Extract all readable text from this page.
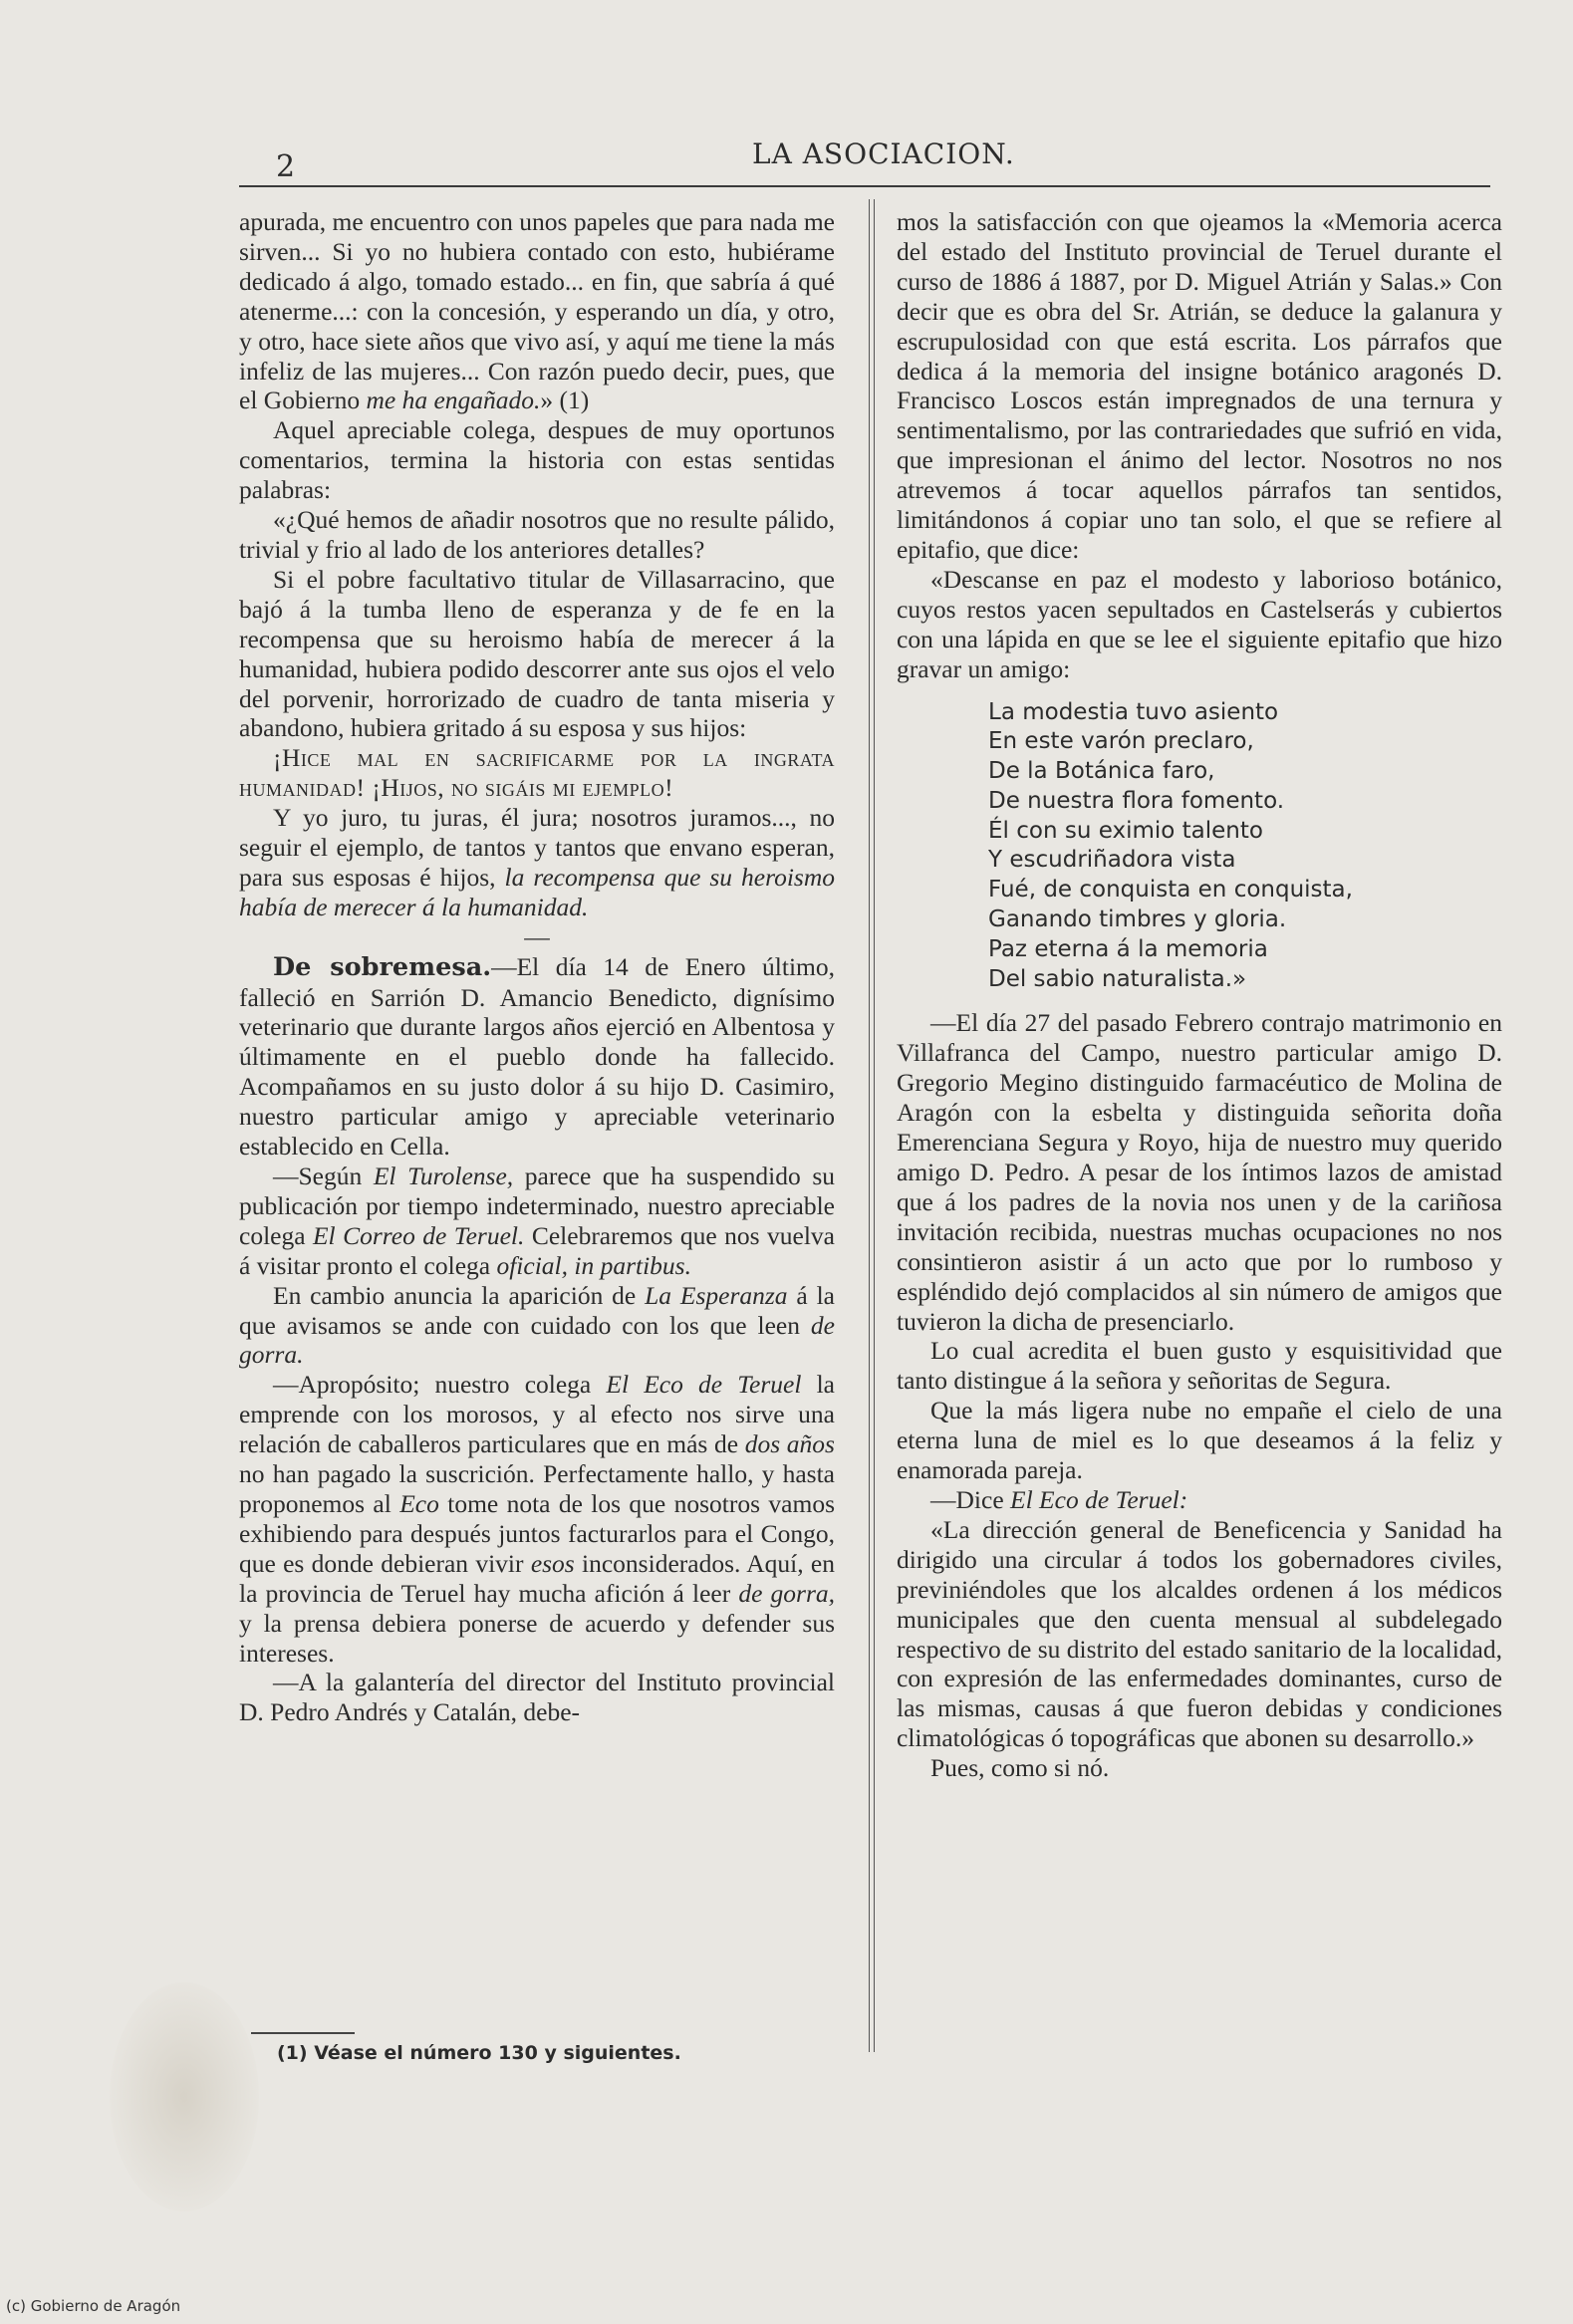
2	LA ASOCIACION.

apurada, me encuentro con unos papeles que para nada me sirven... Si yo no hubiera contado con esto, hubiérame dedicado á algo, tomado estado... en fin, que sabría á qué atenerme...: con la concesión, y esperando un día, y otro, y otro, hace siete años que vivo así, y aquí me tiene la más infeliz de las mujeres... Con razón puedo decir, pues, que el Gobierno me ha engañado.» (1)

Aquel apreciable colega, despues de muy oportunos comentarios, termina la historia con estas sentidas palabras:

«¿Qué hemos de añadir nosotros que no resulte pálido, trivial y frio al lado de los anteriores detalles?

Si el pobre facultativo titular de Villasarracino, que bajó á la tumba lleno de esperanza y de fe en la recompensa que su heroismo había de merecer á la humanidad, hubiera podido descorrer ante sus ojos el velo del porvenir, horrorizado de cuadro de tanta miseria y abandono, hubiera gritado á su esposa y sus hijos:

¡Hice mal en sacrificarme por la ingrata humanidad! ¡Hijos, no sigáis mi ejemplo!

Y yo juro, tu juras, él jura; nosotros juramos..., no seguir el ejemplo, de tantos y tantos que envano esperan, para sus esposas é hijos, la recompensa que su heroismo había de merecer á la humanidad.

—

De sobremesa.—El día 14 de Enero último, falleció en Sarrión D. Amancio Benedicto, dignísimo veterinario que durante largos años ejerció en Albentosa y últimamente en el pueblo donde ha fallecido. Acompañamos en su justo dolor á su hijo D. Casimiro, nuestro particular amigo y apreciable veterinario establecido en Cella.

—Según El Turolense, parece que ha suspendido su publicación por tiempo indeterminado, nuestro apreciable colega El Correo de Teruel. Celebraremos que nos vuelva á visitar pronto el colega oficial, in partibus.

En cambio anuncia la aparición de La Esperanza á la que avisamos se ande con cuidado con los que leen de gorra.

—Apropósito; nuestro colega El Eco de Teruel la emprende con los morosos, y al efecto nos sirve una relación de caballeros particulares que en más de dos años no han pagado la suscrición. Perfectamente hallo, y hasta proponemos al Eco tome nota de los que nosotros vamos exhibiendo para después juntos facturarlos para el Congo, que es donde debieran vivir esos inconsiderados. Aquí, en la provincia de Teruel hay mucha afición á leer de gorra, y la prensa debiera ponerse de acuerdo y defender sus intereses.

—A la galantería del director del Instituto provincial D. Pedro Andrés y Catalán, debe-

mos la satisfacción con que ojeamos la «Memoria acerca del estado del Instituto provincial de Teruel durante el curso de 1886 á 1887, por D. Miguel Atrián y Salas.» Con decir que es obra del Sr. Atrián, se deduce la galanura y escrupulosidad con que está escrita. Los párrafos que dedica á la memoria del insigne botánico aragonés D. Francisco Loscos están impregnados de una ternura y sentimentalismo, por las contrariedades que sufrió en vida, que impresionan el ánimo del lector. Nosotros no nos atrevemos á tocar aquellos párrafos tan sentidos, limitándonos á copiar uno tan solo, el que se refiere al epitafio, que dice:

«Descanse en paz el modesto y laborioso botánico, cuyos restos yacen sepultados en Castelserás y cubiertos con una lápida en que se lee el siguiente epitafio que hizo gravar un amigo:

La modestia tuvo asiento
En este varón preclaro,
De la Botánica faro,
De nuestra flora fomento.
Él con su eximio talento
Y escudriñadora vista
Fué, de conquista en conquista,
Ganando timbres y gloria.
Paz eterna á la memoria
Del sabio naturalista.»

—El día 27 del pasado Febrero contrajo matrimonio en Villafranca del Campo, nuestro particular amigo D. Gregorio Megino distinguido farmacéutico de Molina de Aragón con la esbelta y distinguida señorita doña Emerenciana Segura y Royo, hija de nuestro muy querido amigo D. Pedro. A pesar de los íntimos lazos de amistad que á los padres de la novia nos unen y de la cariñosa invitación recibida, nuestras muchas ocupaciones no nos consintieron asistir á un acto que por lo rumboso y espléndido dejó complacidos al sin número de amigos que tuvieron la dicha de presenciarlo.

Lo cual acredita el buen gusto y esquisitividad que tanto distingue á la señora y señoritas de Segura.

Que la más ligera nube no empañe el cielo de una eterna luna de miel es lo que deseamos á la feliz y enamorada pareja.

—Dice El Eco de Teruel:

«La dirección general de Beneficencia y Sanidad ha dirigido una circular á todos los gobernadores civiles, previniéndoles que los alcaldes ordenen á los médicos municipales que den cuenta mensual al subdelegado respectivo de su distrito del estado sanitario de la localidad, con expresión de las enfermedades dominantes, curso de las mismas, causas á que fueron debidas y condiciones climatológicas ó topográficas que abonen su desarrollo.»

Pues, como si nó.

(1) Véase el número 130 y siguientes.
(c) Gobierno de Aragón
